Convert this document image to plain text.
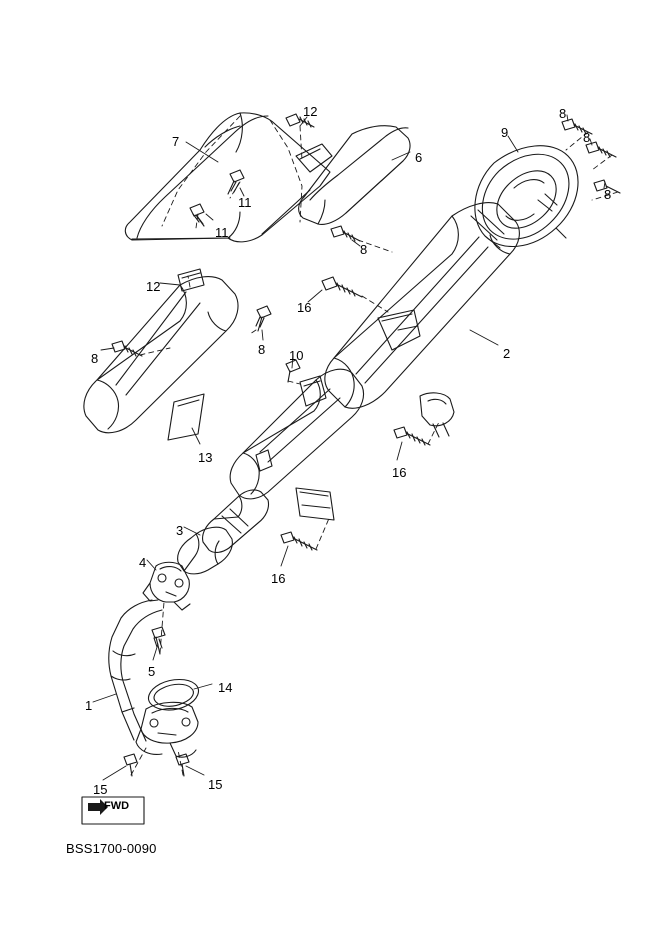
7
12
6
9
8
8
8
11
11
8
12
16
2
8
8	10
13
16
3
4
16
5
14
1
15	15
FWD
BSS1700-0090
